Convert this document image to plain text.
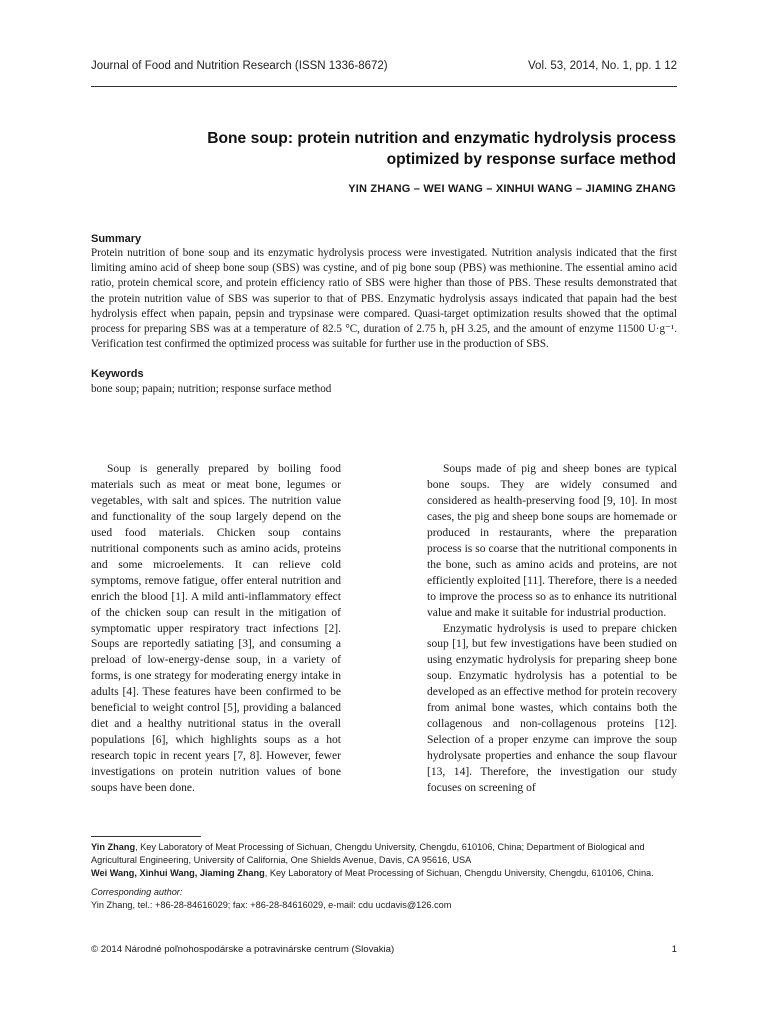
Journal of Food and Nutrition Research (ISSN 1336-8672)	Vol. 53, 2014, No. 1, pp. 1 12
Bone soup: protein nutrition and enzymatic hydrolysis process
optimized by response surface method
YIN ZHANG – WEI WANG – XINHUI WANG – JIAMING ZHANG
Summary
Protein nutrition of bone soup and its enzymatic hydrolysis process were investigated. Nutrition analysis indicated that the first limiting amino acid of sheep bone soup (SBS) was cystine, and of pig bone soup (PBS) was methionine. The essential amino acid ratio, protein chemical score, and protein efficiency ratio of SBS were higher than those of PBS. These results demonstrated that the protein nutrition value of SBS was superior to that of PBS. Enzymatic hydrolysis assays indicated that papain had the best hydrolysis effect when papain, pepsin and trypsinase were compared. Quasi-target optimization results showed that the optimal process for preparing SBS was at a temperature of 82.5 °C, duration of 2.75 h, pH 3.25, and the amount of enzyme 11500 U·g⁻¹. Verification test confirmed the optimized process was suitable for further use in the production of SBS.
Keywords
bone soup; papain; nutrition; response surface method

Soup is generally prepared by boiling food materials such as meat or meat bone, legumes or vegetables, with salt and spices. The nutrition value and functionality of the soup largely depend on the used food materials. Chicken soup contains nutritional components such as amino acids, proteins and some microelements. It can relieve cold symptoms, remove fatigue, offer enteral nutrition and enrich the blood [1]. A mild anti-inflammatory effect of the chicken soup can result in the mitigation of symptomatic upper respiratory tract infections [2]. Soups are reportedly satiating [3], and consuming a preload of low-energy-dense soup, in a variety of forms, is one strategy for moderating energy intake in adults [4]. These features have been confirmed to be beneficial to weight control [5], providing a balanced diet and a healthy nutritional status in the overall populations [6], which highlights soups as a hot research topic in recent years [7, 8]. However, fewer investigations on protein nutrition values of bone soups have been done.

Soups made of pig and sheep bones are typical bone soups. They are widely consumed and considered as health-preserving food [9, 10]. In most cases, the pig and sheep bone soups are homemade or produced in restaurants, where the preparation process is so coarse that the nutritional components in the bone, such as amino acids and proteins, are not efficiently exploited [11]. Therefore, there is a needed to improve the process so as to enhance its nutritional value and make it suitable for industrial production.

Enzymatic hydrolysis is used to prepare chicken soup [1], but few investigations have been studied on using enzymatic hydrolysis for preparing sheep bone soup. Enzymatic hydrolysis has a potential to be developed as an effective method for protein recovery from animal bone wastes, which contains both the collagenous and non-collagenous proteins [12]. Selection of a proper enzyme can improve the soup hydrolysate properties and enhance the soup flavour [13, 14]. Therefore, the investigation our study focuses on screening of

Yin Zhang, Key Laboratory of Meat Processing of Sichuan, Chengdu University, Chengdu, 610106, China; Department of Biological and Agricultural Engineering, University of California, One Shields Avenue, Davis, CA 95616, USA

Wei Wang, Xinhui Wang, Jiaming Zhang, Key Laboratory of Meat Processing of Sichuan, Chengdu University, Chengdu, 610106, China.

Corresponding author:

Yin Zhang, tel.: +86-28-84616029; fax: +86-28-84616029, e-mail: cdu ucdavis@126.com

© 2014 Národné poľnohospodárske a potravinárske centrum (Slovakia)	1
